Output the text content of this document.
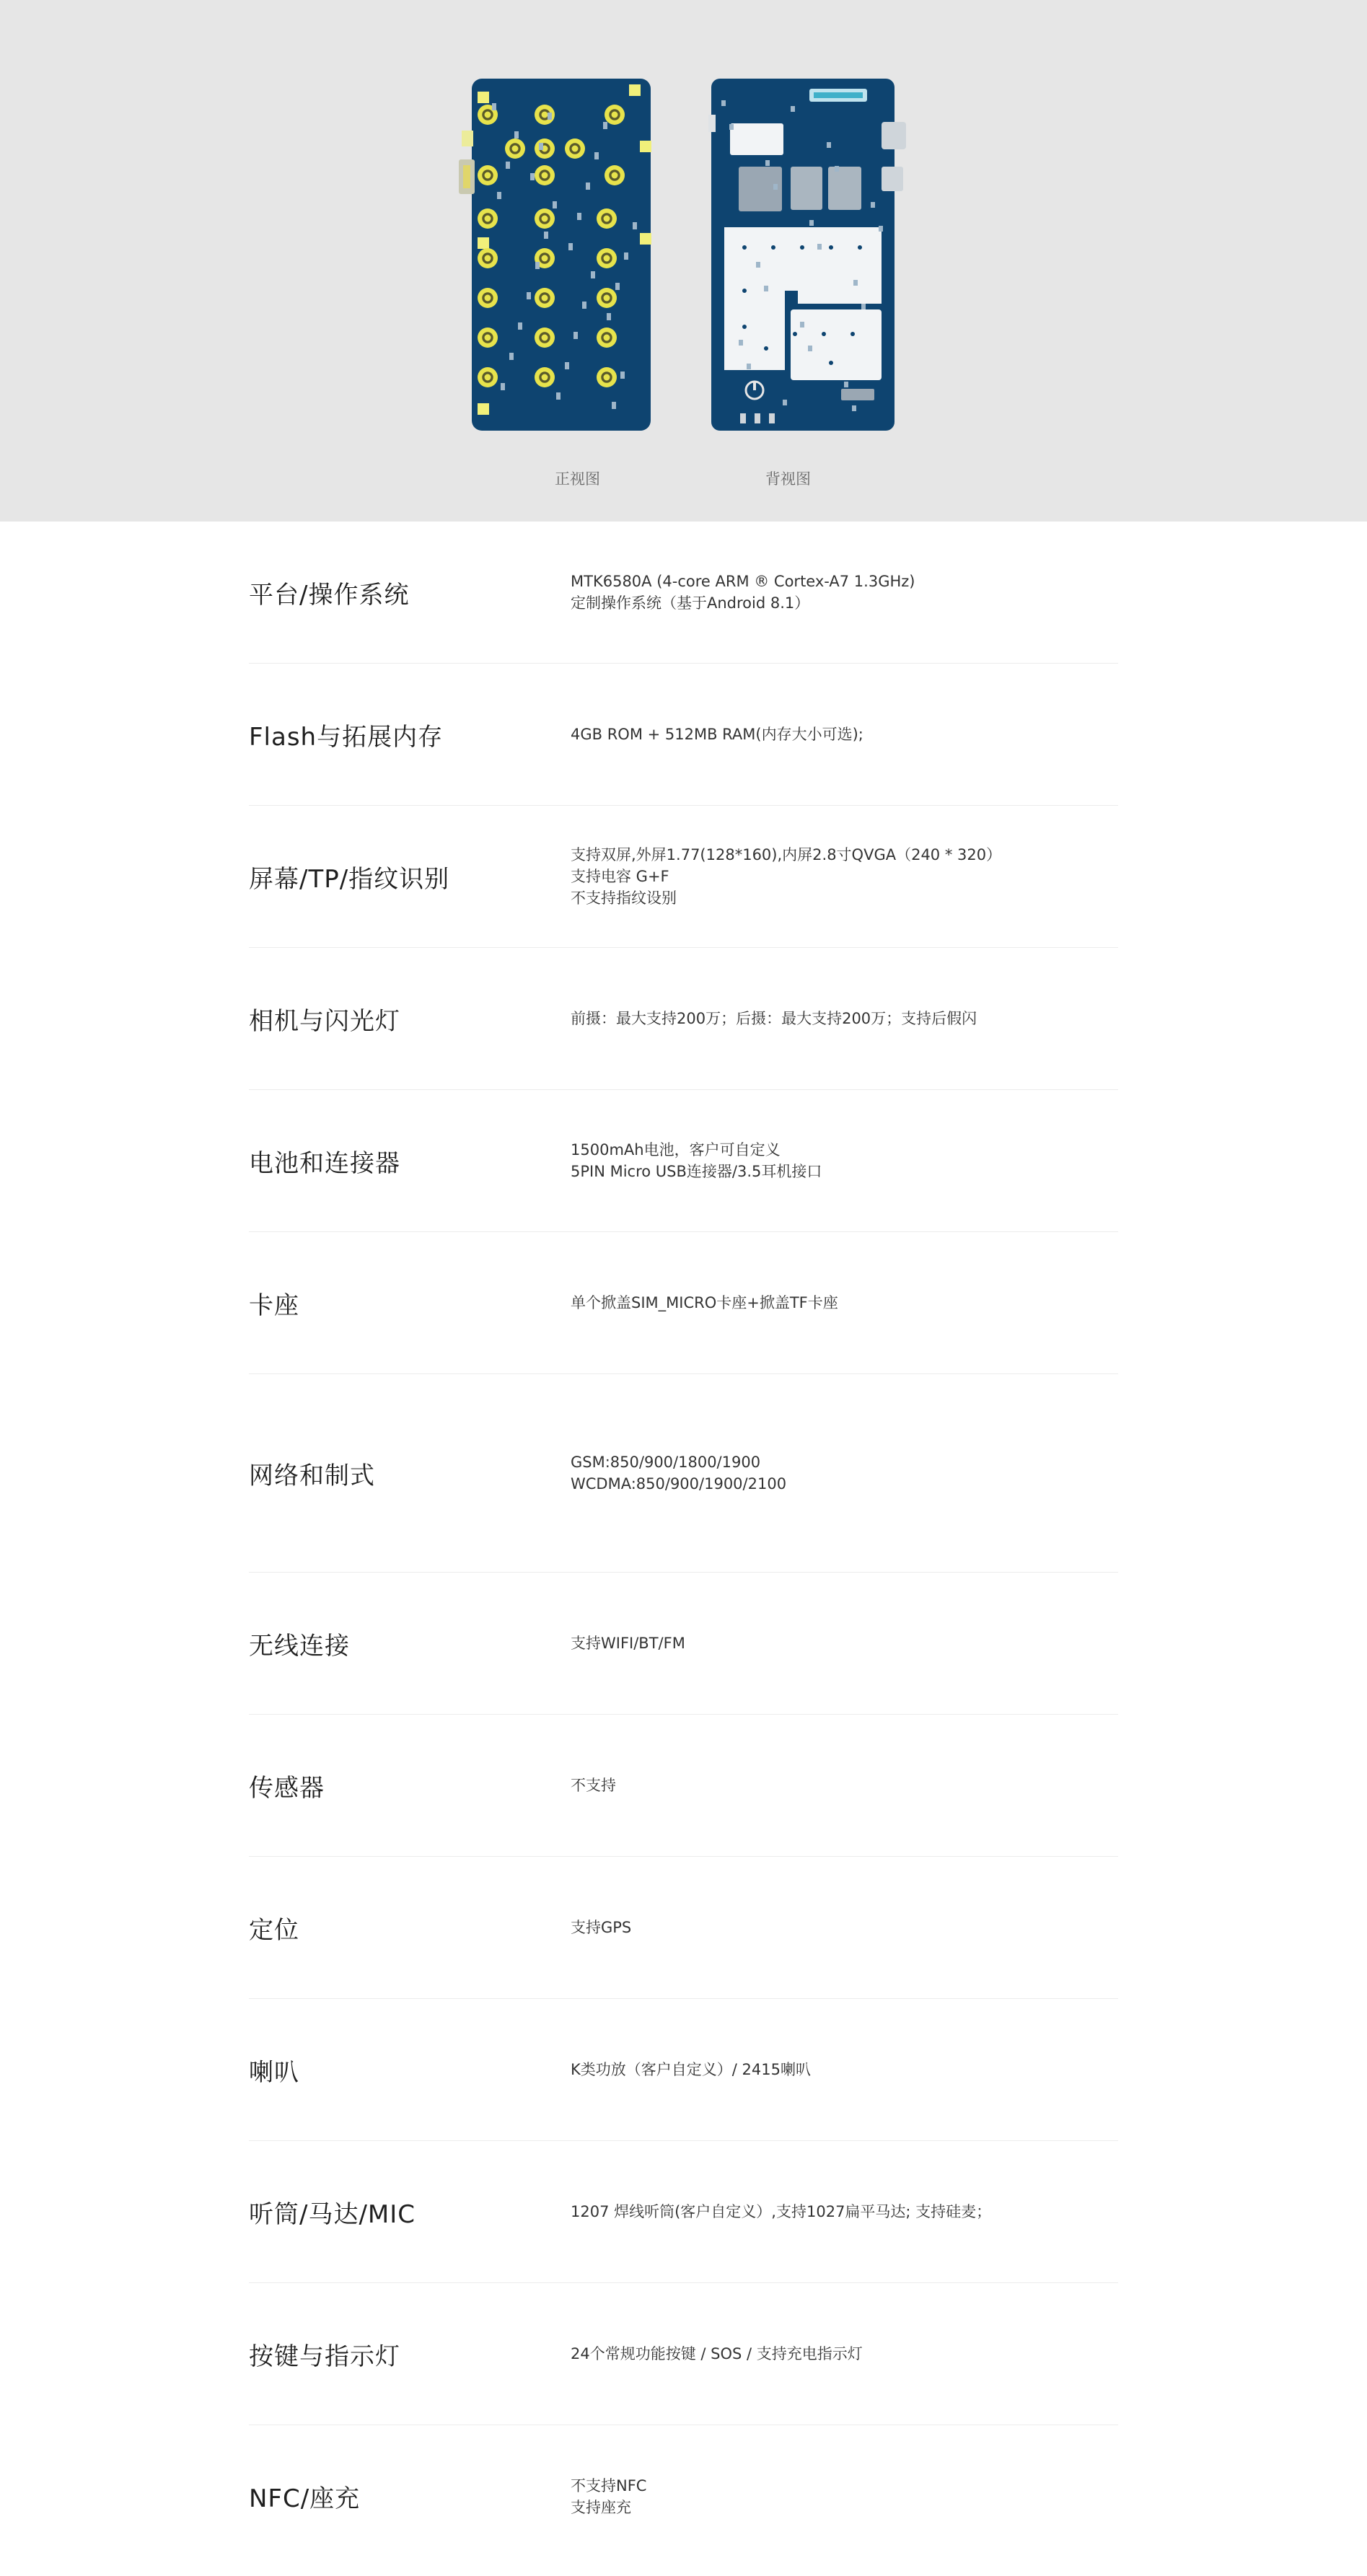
正视图	背视图
平台/操作系统	MTK6580A (4-core ARM ® Cortex-A7 1.3GHz)
定制操作系统（基于Android 8.1）
Flash与拓展内存	4GB ROM + 512MB RAM(内存大小可选);
屏幕/TP/指纹识别
支持双屏,外屏1.77(128*160),内屏2.8寸QVGA（240 * 320）
支持电容 G+F
不支持指纹设别
相机与闪光灯	前摄：最大支持200万；后摄：最大支持200万；支持后假闪
电池和连接器	1500mAh电池，客户可自定义
5PIN Micro USB连接器/3.5耳机接口
卡座	单个掀盖SIM_MICRO卡座+掀盖TF卡座
网络和制式	GSM:850/900/1800/1900
WCDMA:850/900/1900/2100
无线连接	支持WIFI/BT/FM
传感器	不支持
定位	支持GPS
喇叭	K类功放（客户自定义）/ 2415喇叭
听筒/马达/MIC	1207 焊线听筒(客户自定义）,支持1027扁平马达; 支持硅麦；
按键与指示灯	24个常规功能按键 / SOS / 支持充电指示灯
NFC/座充	不支持NFC
支持座充
